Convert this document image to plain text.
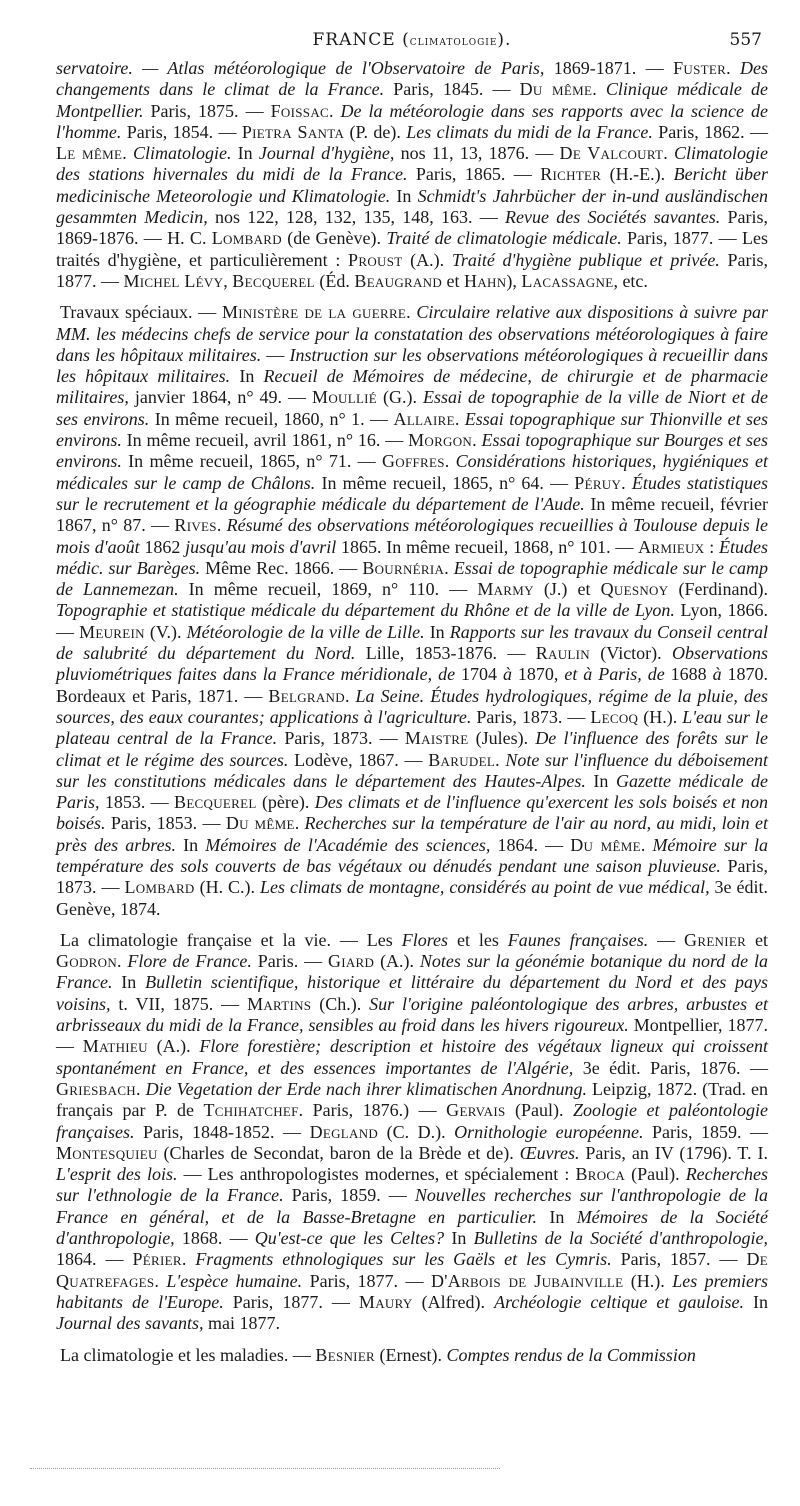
FRANCE (climatologie).	557

servatoire. — Atlas météorologique de l'Observatoire de Paris, 1869-1871. — Fuster. Des changements dans le climat de la France. Paris, 1845. — Du même. Clinique médicale de Montpellier. Paris, 1875. — Foissac. De la météorologie dans ses rapports avec la science de l'homme. Paris, 1854. — Pietra Santa (P. de). Les climats du midi de la France. Paris, 1862. — Le même. Climatologie. In Journal d'hygiène, nos 11, 13, 1876. — De Valcourt. Climatologie des stations hivernales du midi de la France. Paris, 1865. — Richter (H.-E.). Bericht über medicinische Meteorologie und Klimatologie. In Schmidt's Jahrbücher der in-und ausländischen gesammten Medicin, nos 122, 128, 132, 135, 148, 163. — Revue des Sociétés savantes. Paris, 1869-1876. — H. C. Lombard (de Genève). Traité de climatologie médicale. Paris, 1877. — Les traités d'hygiène, et particulièrement : Proust (A.). Traité d'hygiène publique et privée. Paris, 1877. — Michel Lévy, Becquerel (Éd. Beaugrand et Hahn), Lacassagne, etc.

Travaux spéciaux. — Ministère de la guerre. Circulaire relative aux dispositions à suivre par MM. les médecins chefs de service pour la constatation des observations météorologiques à faire dans les hôpitaux militaires. — Instruction sur les observations météorologiques à recueillir dans les hôpitaux militaires. In Recueil de Mémoires de médecine, de chirurgie et de pharmacie militaires, janvier 1864, n° 49. — Moullié (G.). Essai de topographie de la ville de Niort et de ses environs. In même recueil, 1860, n° 1. — Allaire. Essai topographique sur Thionville et ses environs. In même recueil, avril 1861, n° 16. — Morgon. Essai topographique sur Bourges et ses environs. In même recueil, 1865, n° 71. — Goffres. Considérations historiques, hygiéniques et médicales sur le camp de Châlons. In même recueil, 1865, n° 64. — Péruy. Études statistiques sur le recrutement et la géographie médicale du département de l'Aude. In même recueil, février 1867, n° 87. — Rives. Résumé des observations météorologiques recueillies à Toulouse depuis le mois d'août 1862 jusqu'au mois d'avril 1865. In même recueil, 1868, n° 101. — Armieux : Études médic. sur Barèges. Même Rec. 1866. — Bournéria. Essai de topographie médicale sur le camp de Lannemezan. In même recueil, 1869, n° 110. — Marmy (J.) et Quesnoy (Ferdinand). Topographie et statistique médicale du département du Rhône et de la ville de Lyon. Lyon, 1866. — Meurein (V.). Météorologie de la ville de Lille. In Rapports sur les travaux du Conseil central de salubrité du département du Nord. Lille, 1853-1876. — Raulin (Victor). Observations pluviométriques faites dans la France méridionale, de 1704 à 1870, et à Paris, de 1688 à 1870. Bordeaux et Paris, 1871. — Belgrand. La Seine. Études hydrologiques, régime de la pluie, des sources, des eaux courantes; applications à l'agriculture. Paris, 1873. — Lecoq (H.). L'eau sur le plateau central de la France. Paris, 1873. — Maistre (Jules). De l'influence des forêts sur le climat et le régime des sources. Lodève, 1867. — Barudel. Note sur l'influence du déboisement sur les constitutions médicales dans le département des Hautes-Alpes. In Gazette médicale de Paris, 1853. — Becquerel (père). Des climats et de l'influence qu'exercent les sols boisés et non boisés. Paris, 1853. — Du même. Recherches sur la température de l'air au nord, au midi, loin et près des arbres. In Mémoires de l'Académie des sciences, 1864. — Du même. Mémoire sur la température des sols couverts de bas végétaux ou dénudés pendant une saison pluvieuse. Paris, 1873. — Lombard (H. C.). Les climats de montagne, considérés au point de vue médical, 3e édit. Genève, 1874.

La climatologie française et la vie. — Les Flores et les Faunes françaises. — Grenier et Godron. Flore de France. Paris. — Giard (A.). Notes sur la géonémie botanique du nord de la France. In Bulletin scientifique, historique et littéraire du département du Nord et des pays voisins, t. VII, 1875. — Martins (Ch.). Sur l'origine paléontologique des arbres, arbustes et arbrisseaux du midi de la France, sensibles au froid dans les hivers rigoureux. Montpellier, 1877. — Mathieu (A.). Flore forestière; description et histoire des végétaux ligneux qui croissent spontanément en France, et des essences importantes de l'Algérie, 3e édit. Paris, 1876. — Griesbach. Die Vegetation der Erde nach ihrer klimatischen Anordnung. Leipzig, 1872. (Trad. en français par P. de Tchihatchef. Paris, 1876.) — Gervais (Paul). Zoologie et paléontologie françaises. Paris, 1848-1852. — Degland (C. D.). Ornithologie européenne. Paris, 1859. — Montesquieu (Charles de Secondat, baron de la Brède et de). Œuvres. Paris, an IV (1796). T. I. L'esprit des lois. — Les anthropologistes modernes, et spécialement : Broca (Paul). Recherches sur l'ethnologie de la France. Paris, 1859. — Nouvelles recherches sur l'anthropologie de la France en général, et de la Basse-Bretagne en particulier. In Mémoires de la Société d'anthropologie, 1868. — Qu'est-ce que les Celtes? In Bulletins de la Société d'anthropologie, 1864. — Périer. Fragments ethnologiques sur les Gaëls et les Cymris. Paris, 1857. — De Quatrefages. L'espèce humaine. Paris, 1877. — D'Arbois de Jubainville (H.). Les premiers habitants de l'Europe. Paris, 1877. — Maury (Alfred). Archéologie celtique et gauloise. In Journal des savants, mai 1877.

La climatologie et les maladies. — Besnier (Ernest). Comptes rendus de la Commission
